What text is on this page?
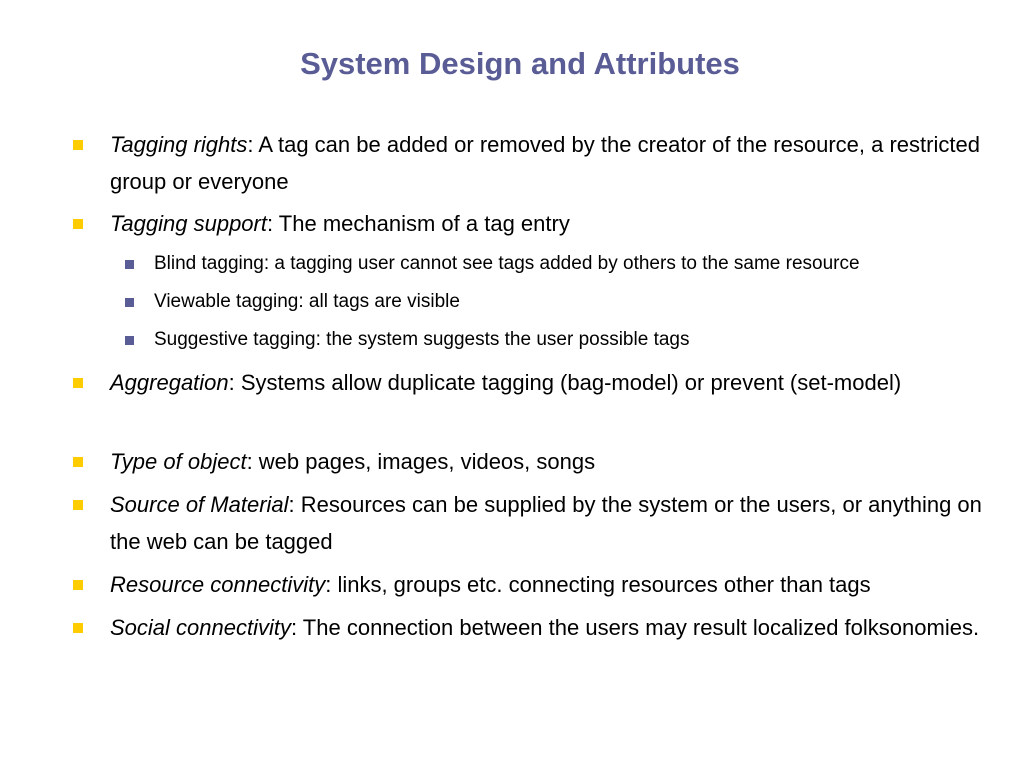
System Design and Attributes
Tagging rights: A tag can be added or removed by the creator of the resource, a restricted group or everyone
Tagging support: The mechanism of a tag entry
Blind tagging: a tagging user cannot see tags added by others to the same resource
Viewable tagging: all tags are visible
Suggestive tagging: the system suggests the user possible tags
Aggregation: Systems allow duplicate tagging (bag-model) or prevent (set-model)
Type of object: web pages, images, videos, songs
Source of Material: Resources can be supplied by the system or the users, or anything on the web can be tagged
Resource connectivity: links, groups etc. connecting resources other than tags
Social connectivity: The connection between the users may result localized folksonomies.
